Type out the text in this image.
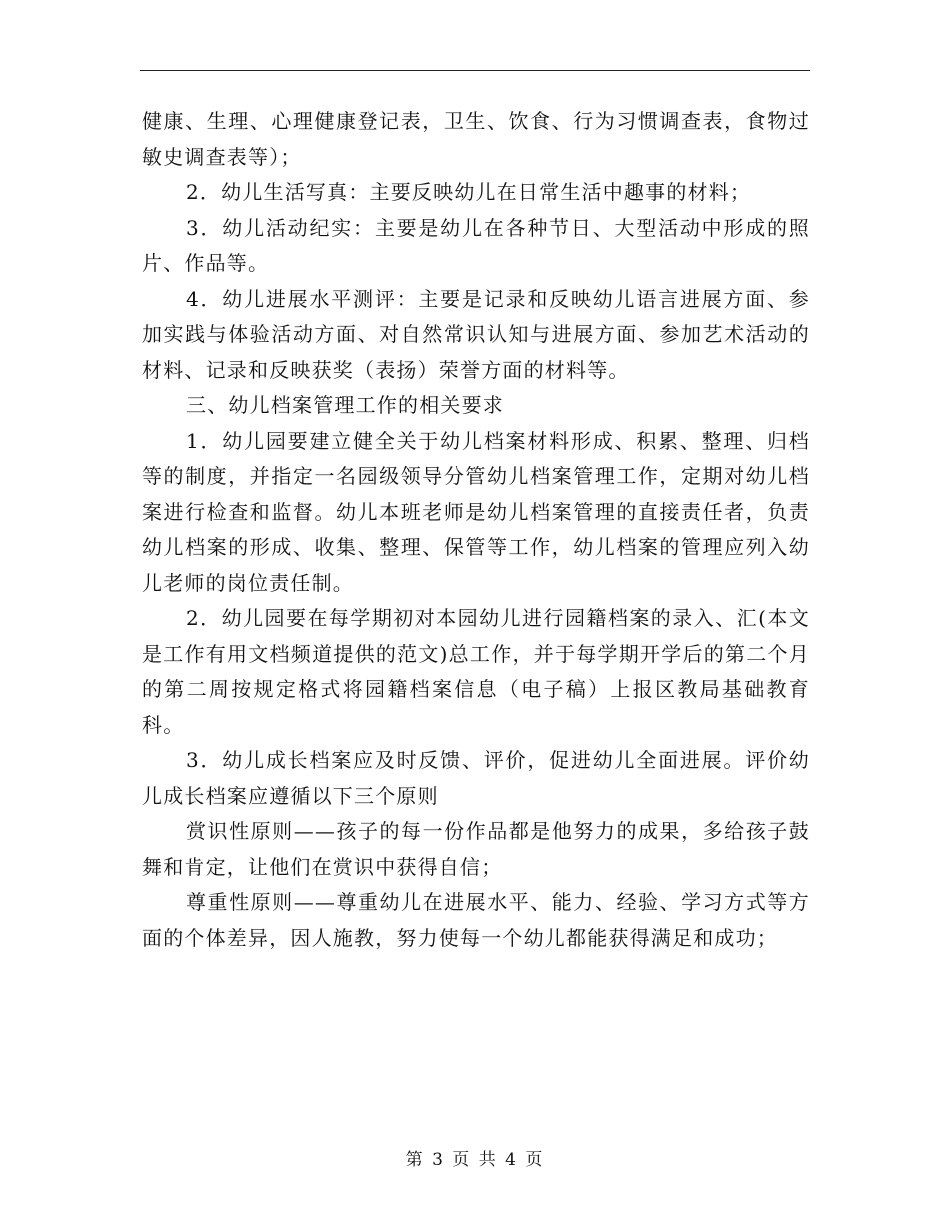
健康、生理、心理健康登记表，卫生、饮食、行为习惯调查表，食物过敏史调查表等）；

2．幼儿生活写真：主要反映幼儿在日常生活中趣事的材料；

3．幼儿活动纪实：主要是幼儿在各种节日、大型活动中形成的照片、作品等。

4．幼儿进展水平测评：主要是记录和反映幼儿语言进展方面、参加实践与体验活动方面、对自然常识认知与进展方面、参加艺术活动的材料、记录和反映获奖（表扬）荣誉方面的材料等。

三、幼儿档案管理工作的相关要求

1．幼儿园要建立健全关于幼儿档案材料形成、积累、整理、归档等的制度，并指定一名园级领导分管幼儿档案管理工作，定期对幼儿档案进行检查和监督。幼儿本班老师是幼儿档案管理的直接责任者，负责幼儿档案的形成、收集、整理、保管等工作，幼儿档案的管理应列入幼儿老师的岗位责任制。

2．幼儿园要在每学期初对本园幼儿进行园籍档案的录入、汇(本文是工作有用文档频道提供的范文)总工作，并于每学期开学后的第二个月的第二周按规定格式将园籍档案信息（电子稿）上报区教局基础教育科。

3．幼儿成长档案应及时反馈、评价，促进幼儿全面进展。评价幼儿成长档案应遵循以下三个原则

赏识性原则——孩子的每一份作品都是他努力的成果，多给孩子鼓舞和肯定，让他们在赏识中获得自信；

尊重性原则——尊重幼儿在进展水平、能力、经验、学习方式等方面的个体差异，因人施教，努力使每一个幼儿都能获得满足和成功；

第 3 页 共 4 页
